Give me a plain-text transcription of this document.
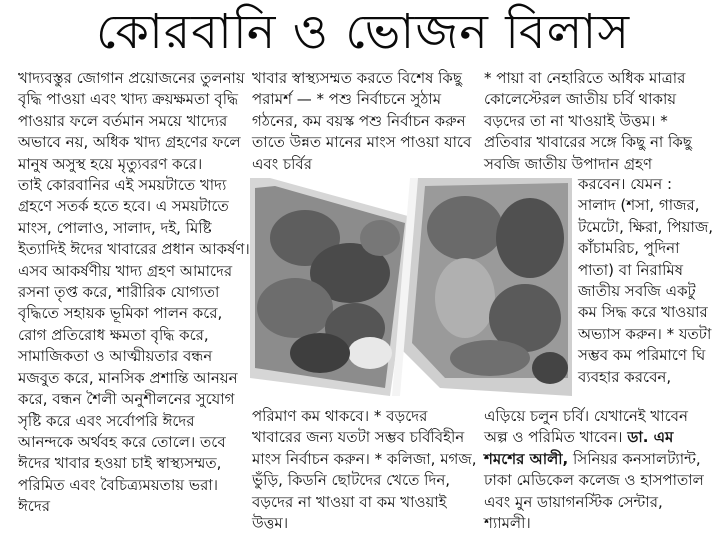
কোরবানি ও ভোজন বিলাস

খাদ্যবস্তুর জোগান প্রয়োজনের তুলনায় বৃদ্ধি পাওয়া এবং খাদ্য ক্রয়ক্ষমতা বৃদ্ধি পাওয়ার ফলে বর্তমান সময়ে খাদ্যের অভাবে নয়, অধিক খাদ্য গ্রহণের ফলে মানুষ অসুস্থ হয়ে মৃত্যুবরণ করে।

তাই কোরবানির এই সময়টাতে খাদ্য গ্রহণে সতর্ক হতে হবে। এ সময়টাতে মাংস, পোলাও, সালাদ, দই, মিষ্টি ইত্যাদিই ঈদের খাবারের প্রধান আকর্ষণ। এসব আকর্ষণীয় খাদ্য গ্রহণ আমাদের রসনা তৃপ্ত করে, শারীরিক যোগ্যতা বৃদ্ধিতে সহায়ক ভূমিকা পালন করে, রোগ প্রতিরোধ ক্ষমতা বৃদ্ধি করে, সামাজিকতা ও আত্মীয়তার বন্ধন মজবুত করে, মানসিক প্রশান্তি আনয়ন করে, বন্ধন শৈলী অনুশীলনের সুযোগ সৃষ্টি করে এবং সর্বোপরি ঈদের আনন্দকে অর্থবহ করে তোলে। তবে ঈদের খাবার হওয়া চাই স্বাস্থ্যসম্মত, পরিমিত এবং বৈচিত্র্যময়তায় ভরা। ঈদের

খাবার স্বাস্থ্যসম্মত করতে বিশেষ কিছু পরামর্শ — * পশু নির্বাচনে সুঠাম গঠনের, কম বয়স্ক পশু নির্বাচন করুন তাতে উন্নত মানের মাংস পাওয়া যাবে এবং চর্বির

* পায়া বা নেহারিতে অধিক মাত্রার কোলেস্টেরল জাতীয় চর্বি থাকায় বড়দের তা না খাওয়াই উত্তম। * প্রতিবার খাবারের সঙ্গে কিছু না কিছু সবজি জাতীয় উপাদান গ্রহণ

করবেন। যেমন : সালাদ (শসা, গাজর, টমেটো, ক্ষিরা, পিয়াজ, কাঁচামরিচ, পুদিনা পাতা) বা নিরামিষ জাতীয় সবজি একটু কম সিদ্ধ করে খাওয়ার অভ্যাস করুন। * যতটা সম্ভব কম পরিমাণে ঘি ব্যবহার করবেন,

পরিমাণ কম থাকবে। * বড়দের খাবারের জন্য যতটা সম্ভব চর্বিবিহীন মাংস নির্বাচন করুন। * কলিজা, মগজ, ভুঁড়ি, কিডনি ছোটদের খেতে দিন, বড়দের না খাওয়া বা কম খাওয়াই উত্তম।

এড়িয়ে চলুন চর্বি। যেখানেই খাবেন অল্প ও পরিমিত খাবেন। ডা. এম শমশের আলী, সিনিয়র কনসালট্যান্ট, ঢাকা মেডিকেল কলেজ ও হাসপাতাল এবং মুন ডায়াগনস্টিক সেন্টার, শ্যামলী।
